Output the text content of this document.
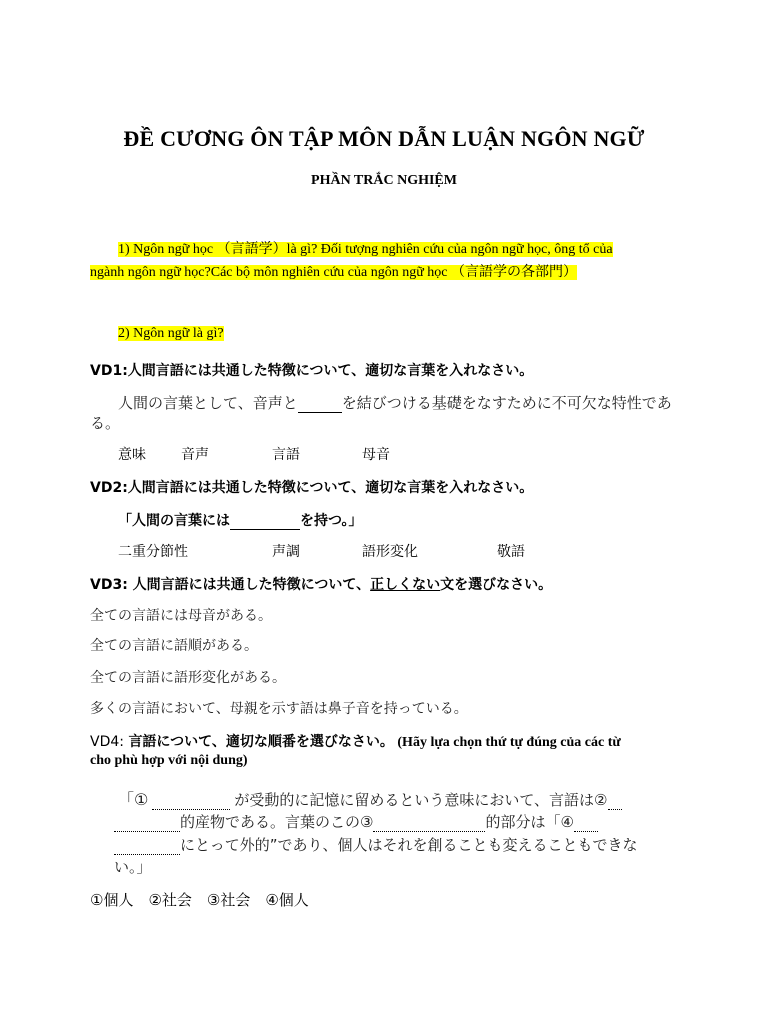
ĐỀ CƯƠNG ÔN TẬP MÔN DẪN LUẬN NGÔN NGỮ
PHẦN TRẮC NGHIỆM
1) Ngôn ngữ học （言語学）là gì? Đối tượng nghiên cứu của ngôn ngữ học, ông tổ của
ngành ngôn ngữ học?Các bộ môn nghiên cứu của ngôn ngữ học （言語学の各部門）
2) Ngôn ngữ là gì?
VD1:人間言語には共通した特徴について、適切な言葉を入れなさい。
人間の言葉として、音声と	を結びつける基礎をなすために不可欠な特性であ
る。
意味	音声	言語	母音
VD2:人間言語には共通した特徴について、適切な言葉を入れなさい。
「人間の言葉には	を持つ。」
二重分節性	声調	語形変化	敬語
VD3: 人間言語には共通した特徴について、正しくない文を選びなさい。
全ての言語には母音がある。
全ての言語に語順がある。
全ての言語に語形変化がある。
多くの言語において、母親を示す語は鼻子音を持っている。
VD4: 言語について、適切な順番を選びなさい。 (Hãy lựa chọn thứ tự đúng của các từ
cho phù hợp với nội dung)
「①	が受動的に記憶に留めるという意味において、言語は②
的産物である。言葉のこの③	的部分は「④
にとって外的”であり、個人はそれを創ることも変えることもできな
い。」
①個人　②社会　③社会　④個人
